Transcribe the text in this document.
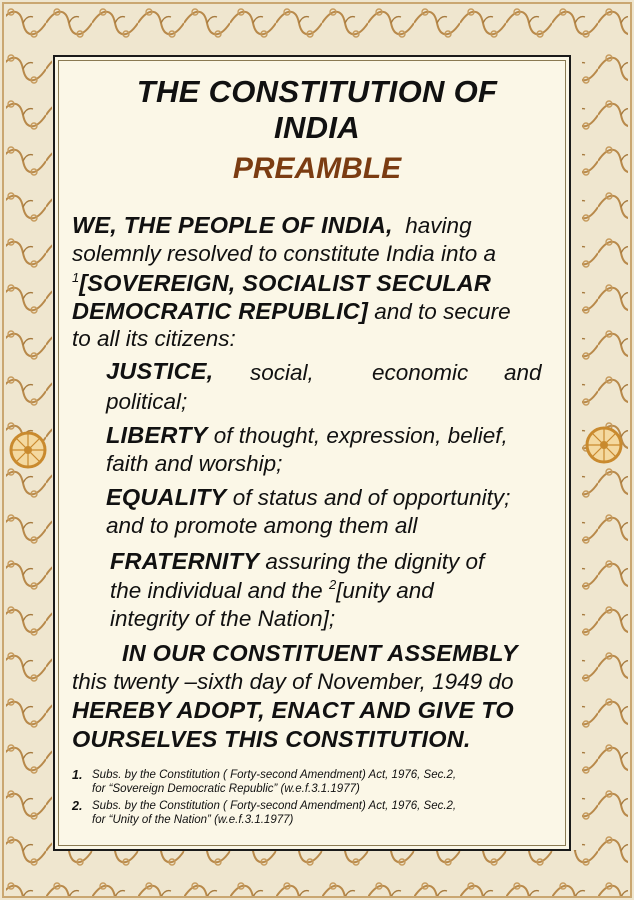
THE CONSTITUTION OF
INDIA
PREAMBLE
WE, THE PEOPLE OF INDIA, having
solemnly resolved to constitute India into a
$^1$[SOVEREIGN, SOCIALIST SECULAR
DEMOCRATIC REPUBLIC] and to secure
to all its citizens:
JUSTICE, social,	economic and
political;
LIBERTY of thought, expression, belief,
faith and worship;
EQUALITY of status and of opportunity;
and to promote among them all
FRATERNITY assuring the dignity of
the individual and the $^2$[unity and
integrity of the Nation];
IN OUR CONSTITUENT ASSEMBLY
this twenty –sixth day of November, 1949 do
HEREBY ADOPT, ENACT AND GIVE TO
OURSELVES THIS CONSTITUTION.
1. Subs. by the Constitution ( Forty-second Amendment) Act, 1976, Sec.2,
for “Sovereign Democratic Republic” (w.e.f.3.1.1977)
2. Subs. by the Constitution ( Forty-second Amendment) Act, 1976, Sec.2,
for “Unity of the Nation” (w.e.f.3.1.1977)
